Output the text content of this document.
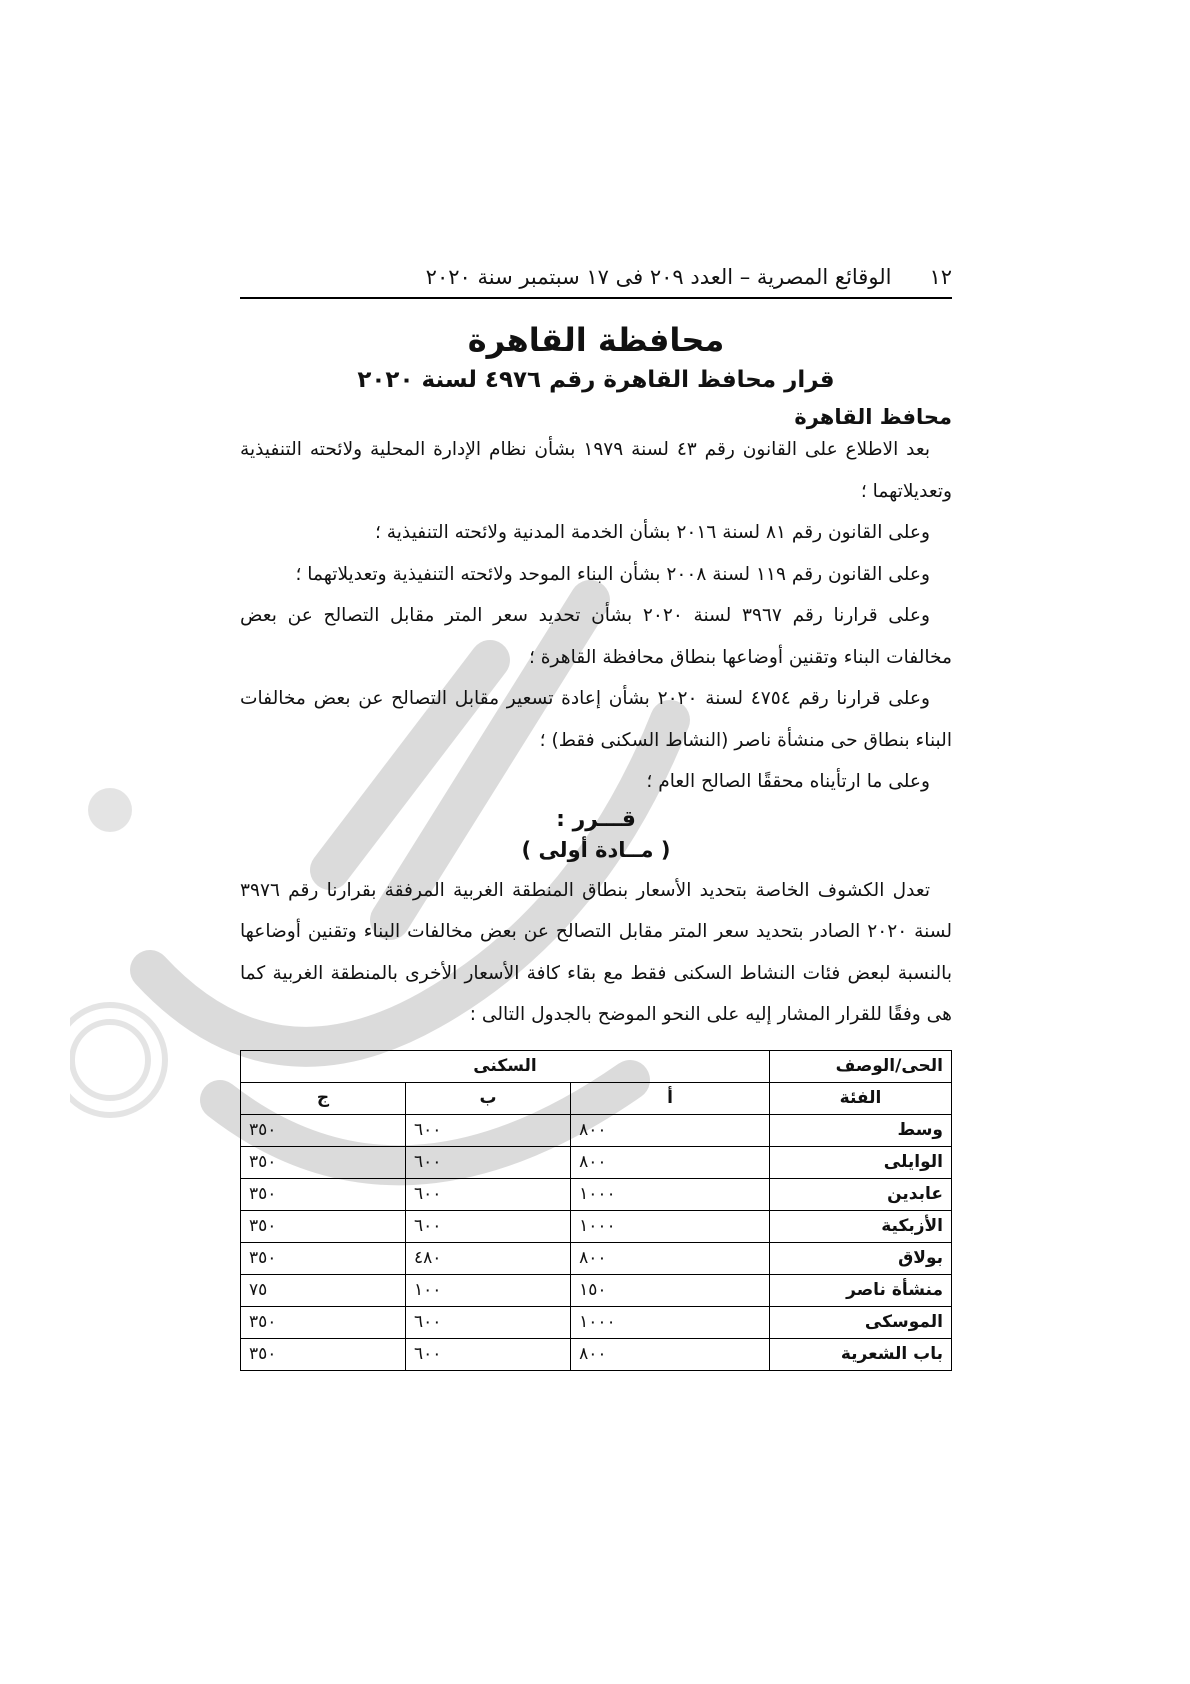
١٢
الوقائع المصرية – العدد ٢٠٩ فى ١٧ سبتمبر سنة ٢٠٢٠
محافظة القاهرة
قرار محافظ القاهرة رقم ٤٩٧٦ لسنة ٢٠٢٠
محافظ القاهرة

بعد الاطلاع على القانون رقم ٤٣ لسنة ١٩٧٩ بشأن نظام الإدارة المحلية ولائحته التنفيذية وتعديلاتهما ؛

وعلى القانون رقم ٨١ لسنة ٢٠١٦ بشأن الخدمة المدنية ولائحته التنفيذية ؛

وعلى القانون رقم ١١٩ لسنة ٢٠٠٨ بشأن البناء الموحد ولائحته التنفيذية وتعديلاتهما ؛

وعلى قرارنا رقم ٣٩٦٧ لسنة ٢٠٢٠ بشأن تحديد سعر المتر مقابل التصالح عن بعض مخالفات البناء وتقنين أوضاعها بنطاق محافظة القاهرة ؛

وعلى قرارنا رقم ٤٧٥٤ لسنة ٢٠٢٠ بشأن إعادة تسعير مقابل التصالح عن بعض مخالفات البناء بنطاق حى منشأة ناصر (النشاط السكنى فقط) ؛

وعلى ما ارتأيناه محققًا الصالح العام ؛

قـــرر :
( مــادة أولى )

تعدل الكشوف الخاصة بتحديد الأسعار بنطاق المنطقة الغربية المرفقة بقرارنا رقم ٣٩٧٦ لسنة ٢٠٢٠ الصادر بتحديد سعر المتر مقابل التصالح عن بعض مخالفات البناء وتقنين أوضاعها بالنسبة لبعض فئات النشاط السكنى فقط مع بقاء كافة الأسعار الأخرى بالمنطقة الغربية كما هى وفقًا للقرار المشار إليه على النحو الموضح بالجدول التالى :

الحى/الوصف	السكنى		
الفئة	أ	ب	ج
وسط	٨٠٠	٦٠٠	٣٥٠
الوايلى	٨٠٠	٦٠٠	٣٥٠
عابدين	١٠٠٠	٦٠٠	٣٥٠
الأزبكية	١٠٠٠	٦٠٠	٣٥٠
بولاق	٨٠٠	٤٨٠	٣٥٠
منشأة ناصر	١٥٠	١٠٠	٧٥
الموسكى	١٠٠٠	٦٠٠	٣٥٠
باب الشعرية	٨٠٠	٦٠٠	٣٥٠
